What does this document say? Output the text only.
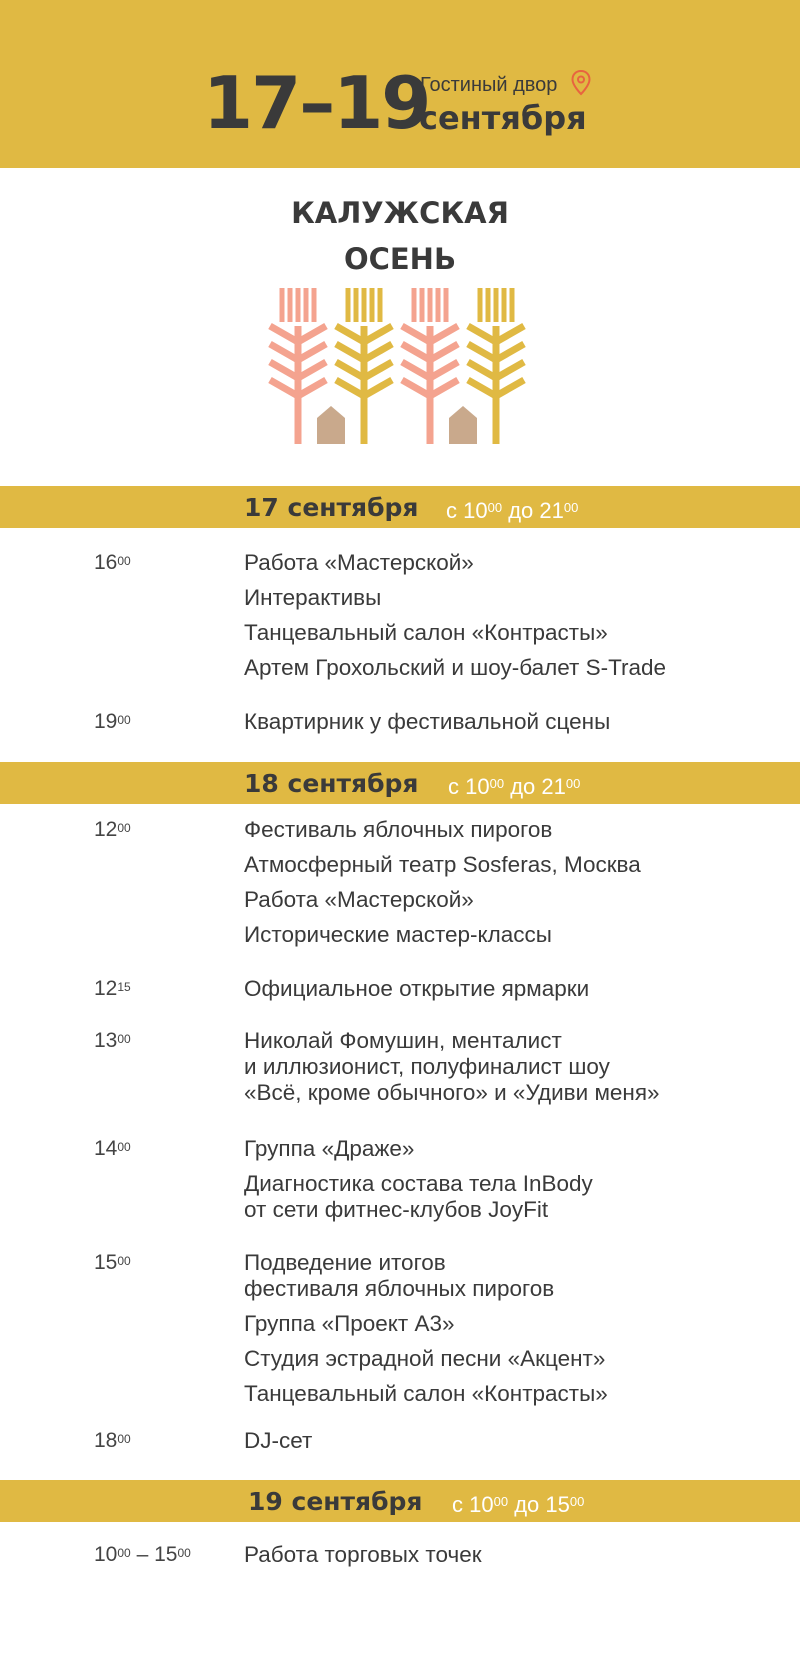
17–19
Гостиный двор
сентября
КАЛУЖСКАЯ
ОСЕНЬ
17 сентября с $10^{00}$ до $21^{00}$
$16^{00}$	Работа «Мастерской»
Интерактивы
Танцевальный салон «Контрасты»
Артем Грохольский и шоу-балет S-Trade
$19^{00}$	Квартирник у фестивальной сцены
18 сентября с $10^{00}$ до $21^{00}$
$12^{00}$	Фестиваль яблочных пирогов
Атмосферный театр Sosferas, Москва
Работа «Мастерской»
Исторические мастер-классы
$12^{15}$	Официальное открытие ярмарки
$13^{00}$	Николай Фомушин, менталист
и иллюзионист, полуфиналист шоу
«Всё, кроме обычного» и «Удиви меня»
$14^{00}$	Группа «Драже»
Диагностика состава тела InBody
от сети фитнес-клубов JoyFit
$15^{00}$	Подведение итогов
фестиваля яблочных пирогов
Группа «Проект А3»
Студия эстрадной песни «Акцент»
Танцевальный салон «Контрасты»
$18^{00}$	DJ-сет
19 сентября с $10^{00}$ до $15^{00}$
$10^{00} - 15^{00}$ Работа торговых точек
